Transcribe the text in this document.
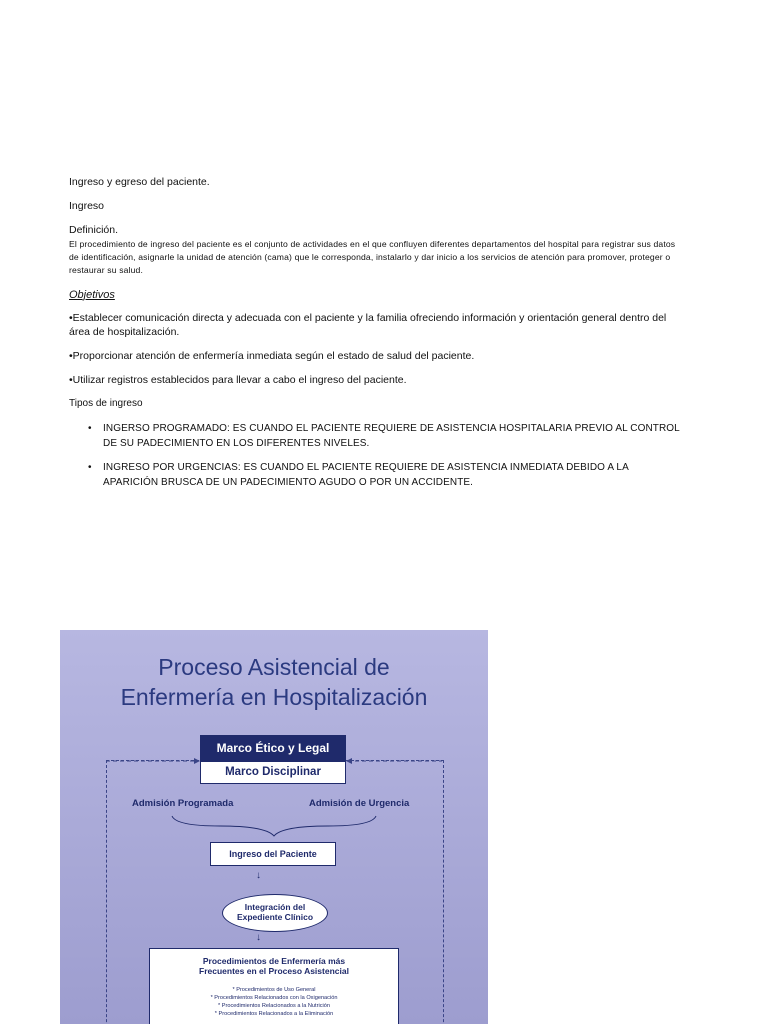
Ingreso y egreso del paciente.

Ingreso

Definición.

El procedimiento de ingreso del paciente es el conjunto de actividades en el que confluyen diferentes departamentos del hospital para registrar sus datos de identificación, asignarle la unidad de atención (cama) que le corresponda, instalarlo y dar inicio a los servicios de atención para promover, proteger o restaurar su salud.

Objetivos

•Establecer comunicación directa y adecuada con el paciente y la familia ofreciendo información y orientación general dentro del área de hospitalización.

•Proporcionar atención de enfermería inmediata según el estado de salud del paciente.

•Utilizar registros establecidos para llevar a cabo el ingreso del paciente.

Tipos de ingreso

• INGERSO PROGRAMADO: ES CUANDO EL PACIENTE REQUIERE DE ASISTENCIA HOSPITALARIA PREVIO AL CONTROL DE SU PADECIMIENTO EN LOS DIFERENTES NIVELES.
• INGRESO POR URGENCIAS: ES CUANDO EL PACIENTE REQUIERE DE ASISTENCIA INMEDIATA DEBIDO A LA APARICIÓN BRUSCA DE UN PADECIMIENTO AGUDO O POR UN ACCIDENTE.
Proceso Asistencial de
Enfermería en Hospitalización
Marco Ético y Legal
Marco Disciplinar
Admisión Programada	Admisión de Urgencia
Ingreso del Paciente
↓
Integración del
Expediente Clínico
↓
Procedimientos de Enfermería más
Frecuentes en el Proceso Asistencial
* Procedimientos de Uso General
* Procedimientos Relacionados con la Oxigenación
* Procedimientos Relacionados a la Nutrición
* Procedimientos Relacionados a la Eliminación
